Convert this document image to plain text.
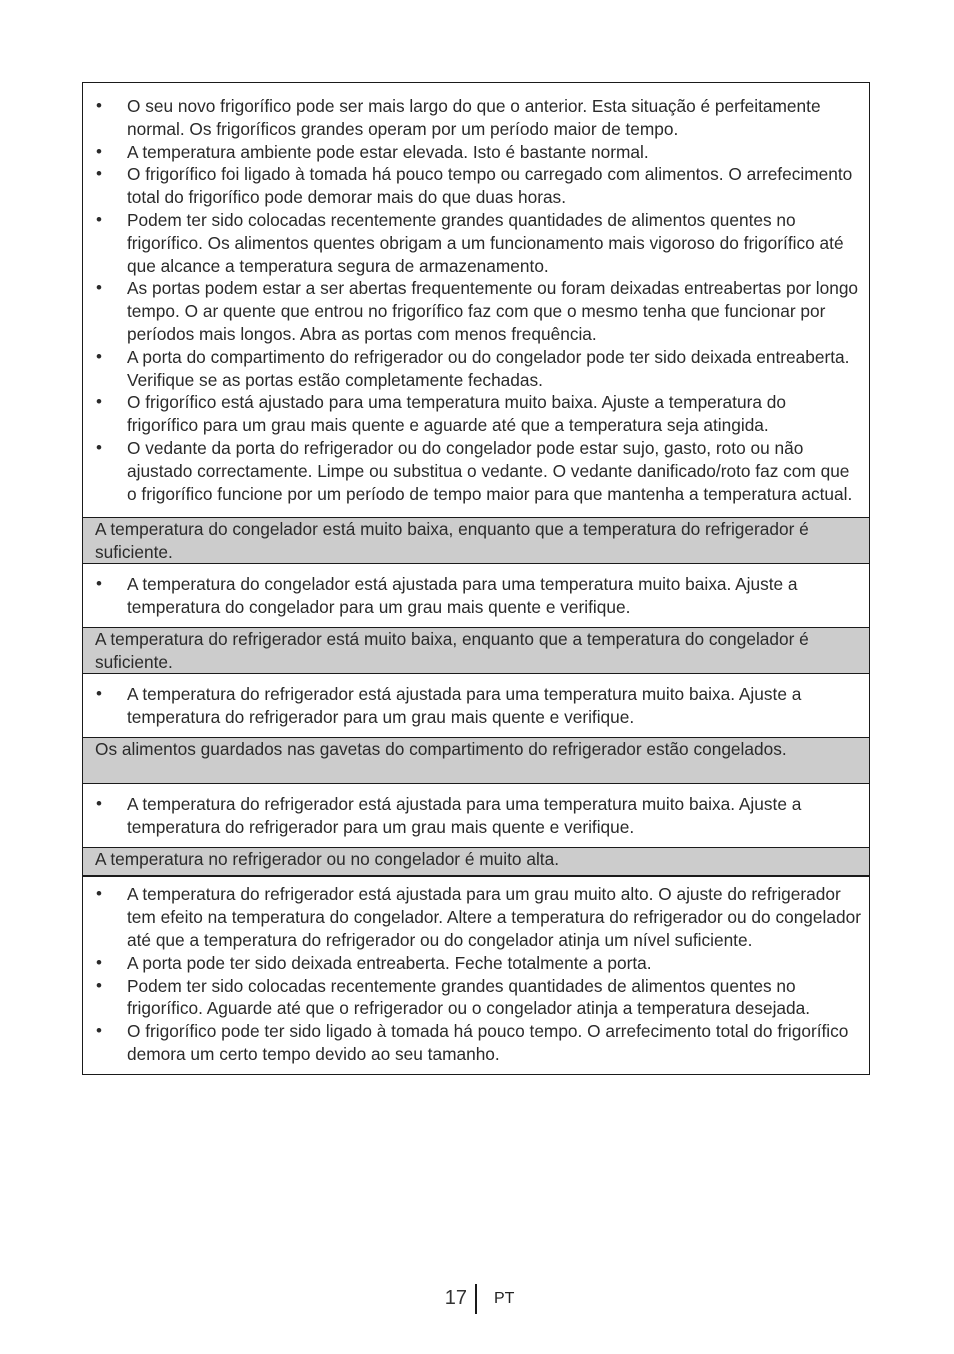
• O seu novo frigorífico pode ser mais largo do que o anterior. Esta situação é perfeitamente normal. Os frigoríficos grandes operam por um período maior de tempo.
• A temperatura ambiente pode estar elevada. Isto é bastante normal.
• O frigorífico foi ligado à tomada há pouco tempo ou carregado com alimentos. O arrefecimento total do frigorífico pode demorar mais do que duas horas.
• Podem ter sido colocadas recentemente grandes quantidades de alimentos quentes no frigorífico. Os alimentos quentes obrigam a um funcionamento mais vigoroso do frigorífico até que alcance a temperatura segura de armazenamento.
• As portas podem estar a ser abertas frequentemente ou foram deixadas entreabertas por longo tempo. O ar quente que entrou no frigorífico faz com que o mesmo tenha que funcionar por períodos mais longos. Abra as portas com menos frequência.
• A porta do compartimento do refrigerador ou do congelador pode ter sido deixada entreaberta. Verifique se as portas estão completamente fechadas.
• O frigorífico está ajustado para uma temperatura muito baixa. Ajuste a temperatura do frigorífico para um grau mais quente e aguarde até que a temperatura seja atingida.
• O vedante da porta do refrigerador ou do congelador pode estar sujo, gasto, roto ou não ajustado correctamente. Limpe ou substitua o vedante. O vedante danificado/roto faz com que o frigorífico funcione por um período de tempo maior para que mantenha a temperatura actual.
A temperatura do congelador está muito baixa, enquanto que a temperatura do refrigerador é suficiente.
• A temperatura do congelador está ajustada para uma temperatura muito baixa. Ajuste a temperatura do congelador para um grau mais quente e verifique.
A temperatura do refrigerador está muito baixa, enquanto que a temperatura do congelador é suficiente.
• A temperatura do refrigerador está ajustada para uma temperatura muito baixa. Ajuste a temperatura do refrigerador para um grau mais quente e verifique.
Os alimentos guardados nas gavetas do compartimento do refrigerador estão congelados.
• A temperatura do refrigerador está ajustada para uma temperatura muito baixa. Ajuste a temperatura do refrigerador para um grau mais quente e verifique.
A temperatura no refrigerador ou no congelador é muito alta.
• A temperatura do refrigerador está ajustada para um grau muito alto. O ajuste do refrigerador tem efeito na temperatura do congelador. Altere a temperatura do refrigerador ou do congelador até que a temperatura do refrigerador ou do congelador atinja um nível suficiente.
• A porta pode ter sido deixada entreaberta. Feche totalmente a porta.
• Podem ter sido colocadas recentemente grandes quantidades de alimentos quentes no frigorífico. Aguarde até que o refrigerador ou o congelador atinja a temperatura desejada.
• O frigorífico pode ter sido ligado à tomada há pouco tempo. O arrefecimento total do frigorífico demora um certo tempo devido ao seu tamanho.
17 PT
